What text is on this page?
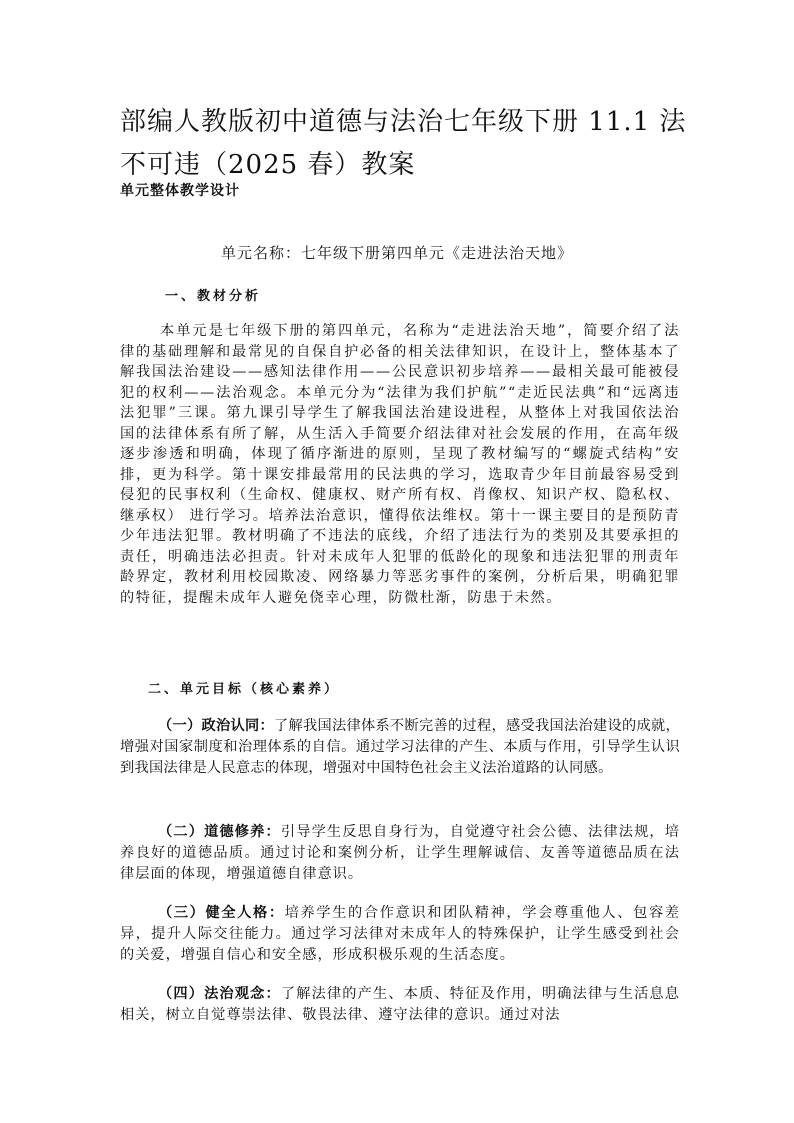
部编人教版初中道德与法治七年级下册 11.1 法不可违（2025 春）教案
单元整体教学设计
单元名称：七年级下册第四单元《走进法治天地》
一、教材分析
本单元是七年级下册的第四单元，名称为“走进法治天地”，简要介绍了法律的基础理解和最常见的自保自护必备的相关法律知识，在设计上，整体基本了解我国法治建设——感知法律作用——公民意识初步培养——最相关最可能被侵犯的权利——法治观念。本单元分为“法律为我们护航”“走近民法典”和“远离违法犯罪”三课。第九课引导学生了解我国法治建设进程，从整体上对我国依法治国的法律体系有所了解，从生活入手简要介绍法律对社会发展的作用，在高年级逐步渗透和明确，体现了循序渐进的原则，呈现了教材编写的“螺旋式结构”安排，更为科学。第十课安排最常用的民法典的学习，选取青少年目前最容易受到侵犯的民事权利（生命权、健康权、财产所有权、肖像权、知识产权、隐私权、继承权） 进行学习。培养法治意识，懂得依法维权。第十一课主要目的是预防青少年违法犯罪。教材明确了不违法的底线，介绍了违法行为的类别及其要承担的责任，明确违法必担责。针对未成年人犯罪的低龄化的现象和违法犯罪的刑责年龄界定，教材利用校园欺凌、网络暴力等恶劣事件的案例，分析后果，明确犯罪的特征，提醒未成年人避免侥幸心理，防微杜渐，防患于未然。
二、单元目标（核心素养）
（一）政治认同：了解我国法律体系不断完善的过程，感受我国法治建设的成就，增强对国家制度和治理体系的自信。通过学习法律的产生、本质与作用，引导学生认识到我国法律是人民意志的体现，增强对中国特色社会主义法治道路的认同感。
（二）道德修养：引导学生反思自身行为，自觉遵守社会公德、法律法规，培养良好的道德品质。通过讨论和案例分析，让学生理解诚信、友善等道德品质在法律层面的体现，增强道德自律意识。
（三）健全人格：培养学生的合作意识和团队精神，学会尊重他人、包容差异，提升人际交往能力。通过学习法律对未成年人的特殊保护，让学生感受到社会的关爱，增强自信心和安全感，形成积极乐观的生活态度。
（四）法治观念：了解法律的产生、本质、特征及作用，明确法律与生活息息相关，树立自觉尊崇法律、敬畏法律、遵守法律的意识。通过对法
